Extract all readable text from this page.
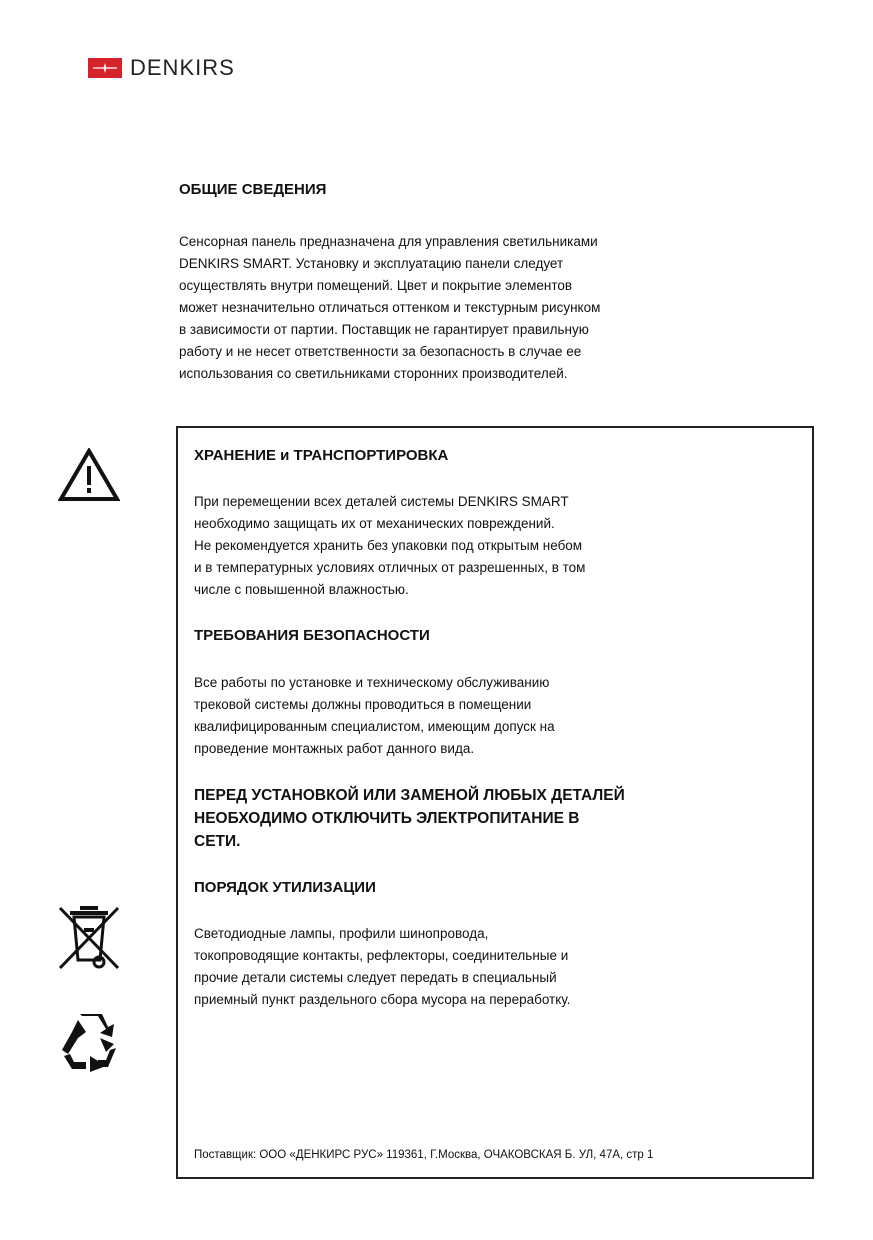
DENKIRS

ОБЩИЕ СВЕДЕНИЯ

Сенсорная панель предназначена для управления светильниками
DENKIRS SMART. Установку и эксплуатацию панели следует
осуществлять внутри помещений. Цвет и покрытие элементов
может незначительно отличаться оттенком и текстурным рисунком
в зависимости от партии. Поставщик не гарантирует правильную
работу и не несет ответственности за безопасность в случае ее
использования со светильниками сторонних производителей.

ХРАНЕНИЕ и ТРАНСПОРТИРОВКА

При перемещении всех деталей системы DENKIRS SMART
необходимо защищать их от механических повреждений.
Не рекомендуется хранить без упаковки под открытым небом
и в температурных условиях отличных от разрешенных, в том
числе с повышенной влажностью.

ТРЕБОВАНИЯ БЕЗОПАСНОСТИ

Все работы по установке и техническому обслуживанию
трековой системы должны проводиться в помещении
квалифицированным специалистом, имеющим допуск на
проведение монтажных работ данного вида.

ПЕРЕД УСТАНОВКОЙ ИЛИ ЗАМЕНОЙ ЛЮБЫХ ДЕТАЛЕЙ
НЕОБХОДИМО ОТКЛЮЧИТЬ ЭЛЕКТРОПИТАНИЕ В
СЕТИ.

ПОРЯДОК УТИЛИЗАЦИИ

Светодиодные лампы, профили шинопровода,
токопроводящие контакты, рефлекторы, соединительные и
прочие детали системы следует передать в специальный
приемный пункт раздельного сбора мусора на переработку.

Поставщик: ООО «ДЕНКИРС РУС» 119361, Г.Москва, ОЧАКОВСКАЯ Б. УЛ, 47А, стр 1
